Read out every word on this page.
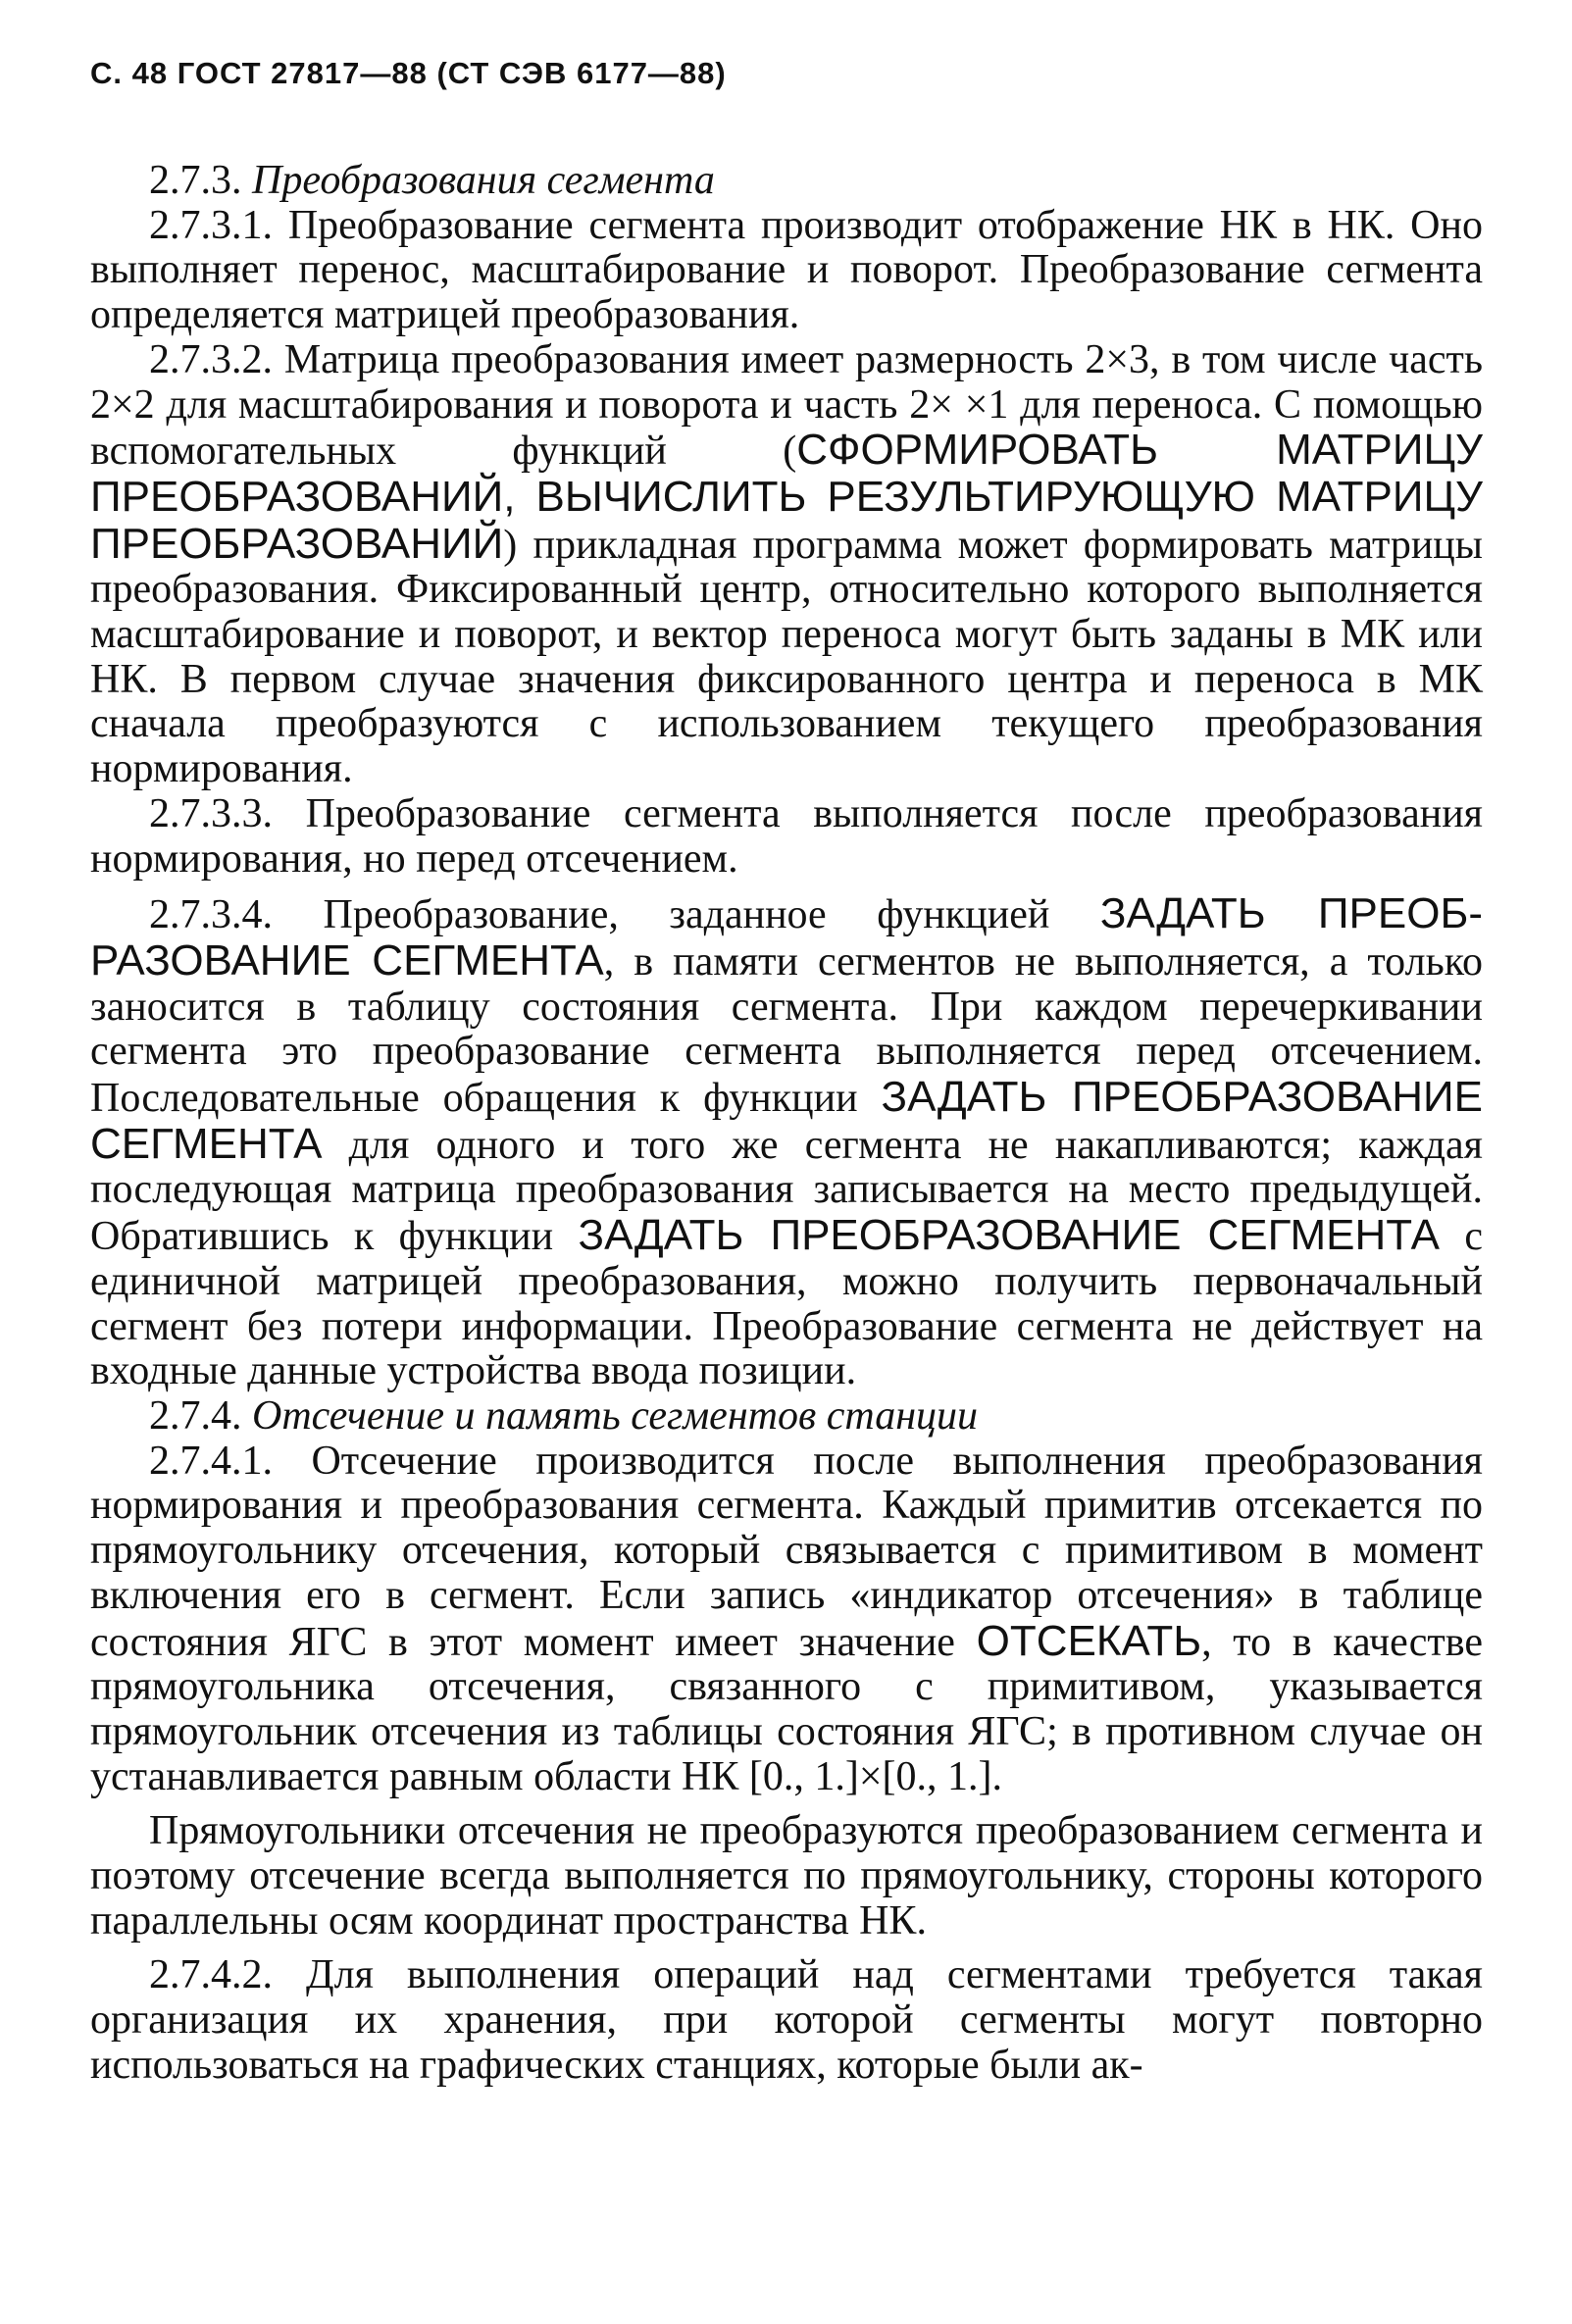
С. 48 ГОСТ 27817—88 (СТ СЭВ 6177—88)

2.7.3. Преобразования сегмента

2.7.3.1. Преобразование сегмента производит отображение НК в НК. Оно выполняет перенос, масштабирование и поворот. Преобразование сегмента определяется матрицей преобразования.

2.7.3.2. Матрица преобразования имеет размерность 2×3, в том числе часть 2×2 для масштабирования и поворота и часть 2× ×1 для переноса. С помощью вспомогательных функций (СФОРМИРОВАТЬ МАТРИЦУ ПРЕОБРАЗОВАНИЙ, ВЫЧИСЛИТЬ РЕЗУЛЬТИРУЮЩУЮ МАТРИЦУ ПРЕОБРАЗОВАНИЙ) прикладная программа может формировать матрицы преобразования. Фиксированный центр, относительно которого выполняется масштабирование и поворот, и вектор переноса могут быть заданы в МК или НК. В первом случае значения фиксированного центра и переноса в МК сначала преобразуются с использованием текущего преобразования нормирования.

2.7.3.3. Преобразование сегмента выполняется после преобразования нормирования, но перед отсечением.

2.7.3.4. Преобразование, заданное функцией ЗАДАТЬ ПРЕОБРАЗОВАНИЕ СЕГМЕНТА, в памяти сегментов не выполняется, а только заносится в таблицу состояния сегмента. При каждом перечеркивании сегмента это преобразование сегмента выполняется перед отсечением. Последовательные обращения к функции ЗАДАТЬ ПРЕОБРАЗОВАНИЕ СЕГМЕНТА для одного и того же сегмента не накапливаются; каждая последующая матрица преобразования записывается на место предыдущей. Обратившись к функции ЗАДАТЬ ПРЕОБРАЗОВАНИЕ СЕГМЕНТА с единичной матрицей преобразования, можно получить первоначальный сегмент без потери информации. Преобразование сегмента не действует на входные данные устройства ввода позиции.

2.7.4. Отсечение и память сегментов станции

2.7.4.1. Отсечение производится после выполнения преобразования нормирования и преобразования сегмента. Каждый примитив отсекается по прямоугольнику отсечения, который связывается с примитивом в момент включения его в сегмент. Если запись «индикатор отсечения» в таблице состояния ЯГС в этот момент имеет значение ОТСЕКАТЬ, то в качестве прямоугольника отсечения, связанного с примитивом, указывается прямоугольник отсечения из таблицы состояния ЯГС; в противном случае он устанавливается равным области НК [0., 1.]×[0., 1.].

Прямоугольники отсечения не преобразуются преобразованием сегмента и поэтому отсечение всегда выполняется по прямоугольнику, стороны которого параллельны осям координат пространства НК.

2.7.4.2. Для выполнения операций над сегментами требуется такая организация их хранения, при которой сегменты могут повторно использоваться на графических станциях, которые были ак-
